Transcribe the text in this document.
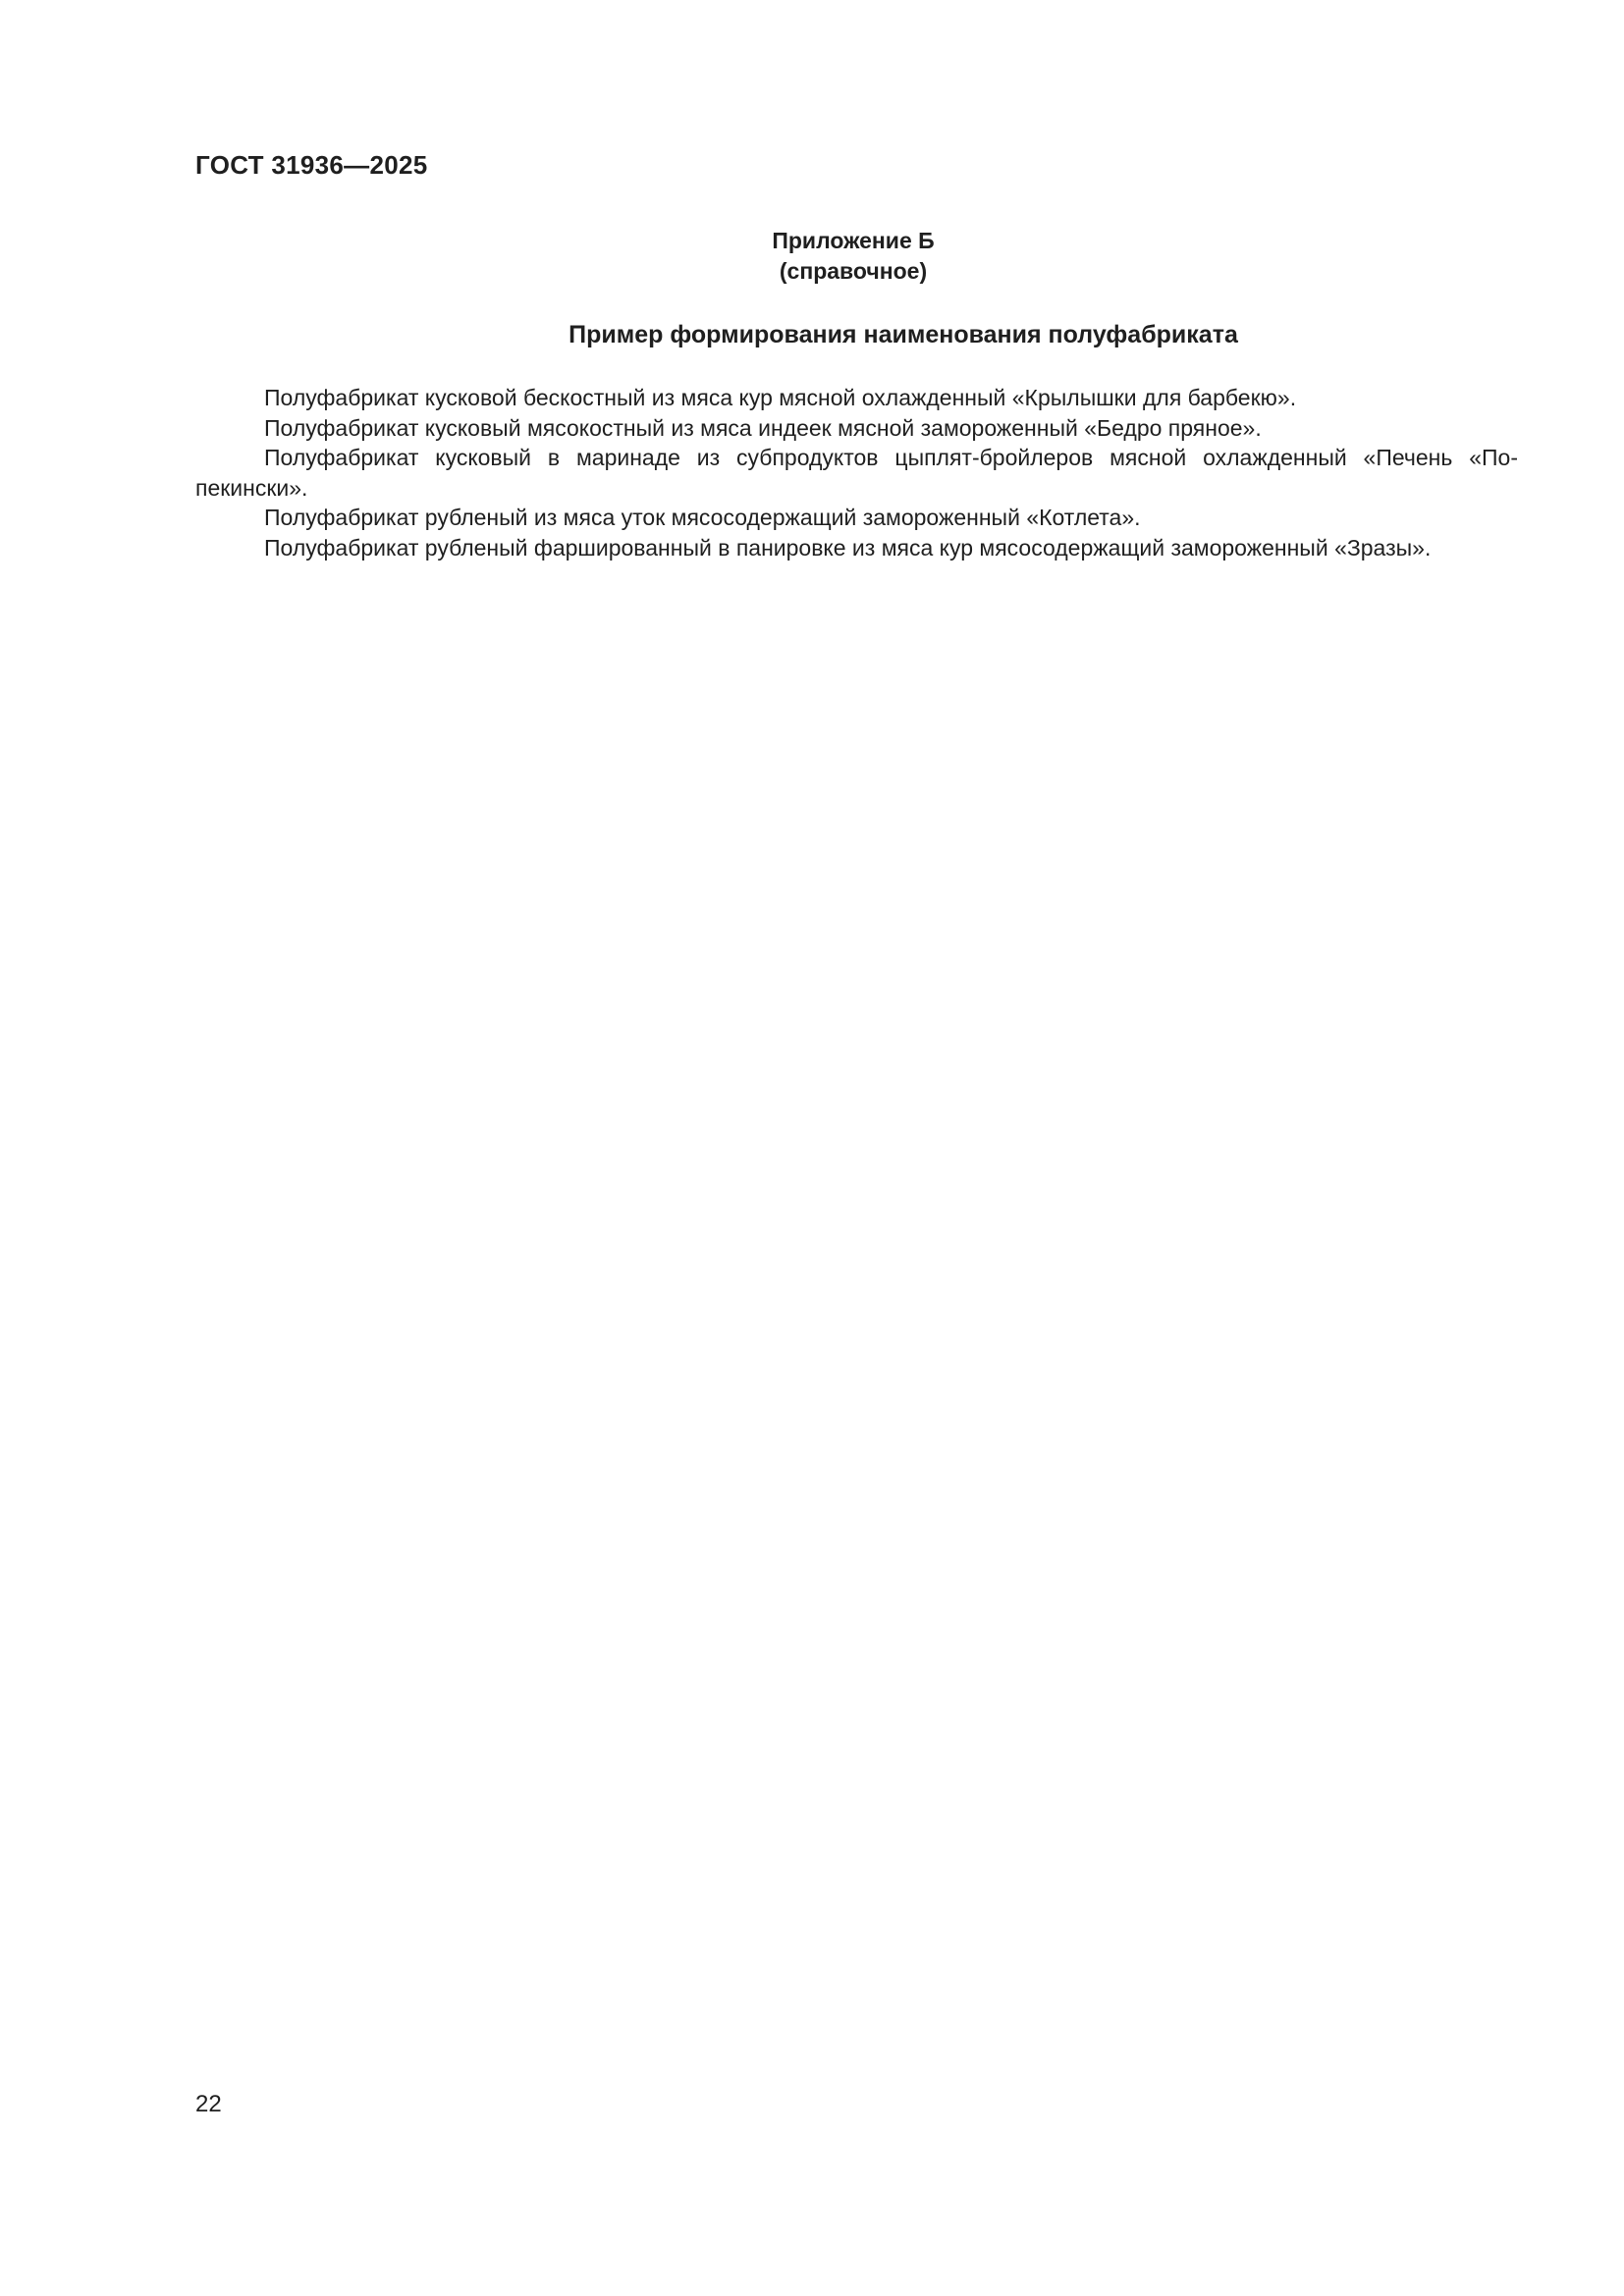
ГОСТ 31936—2025
Приложение Б
(справочное)
Пример формирования наименования полуфабриката

Полуфабрикат кусковой бескостный из мяса кур мясной охлажденный «Крылышки для барбекю».

Полуфабрикат кусковый мясокостный из мяса индеек мясной замороженный «Бедро пряное».

Полуфабрикат кусковый в маринаде из субпродуктов цыплят-бройлеров мясной охлажденный «Печень «По-пекински».

Полуфабрикат рубленый из мяса уток мясосодержащий замороженный «Котлета».

Полуфабрикат рубленый фаршированный в панировке из мяса кур мясосодержащий замороженный «Зразы».

22
